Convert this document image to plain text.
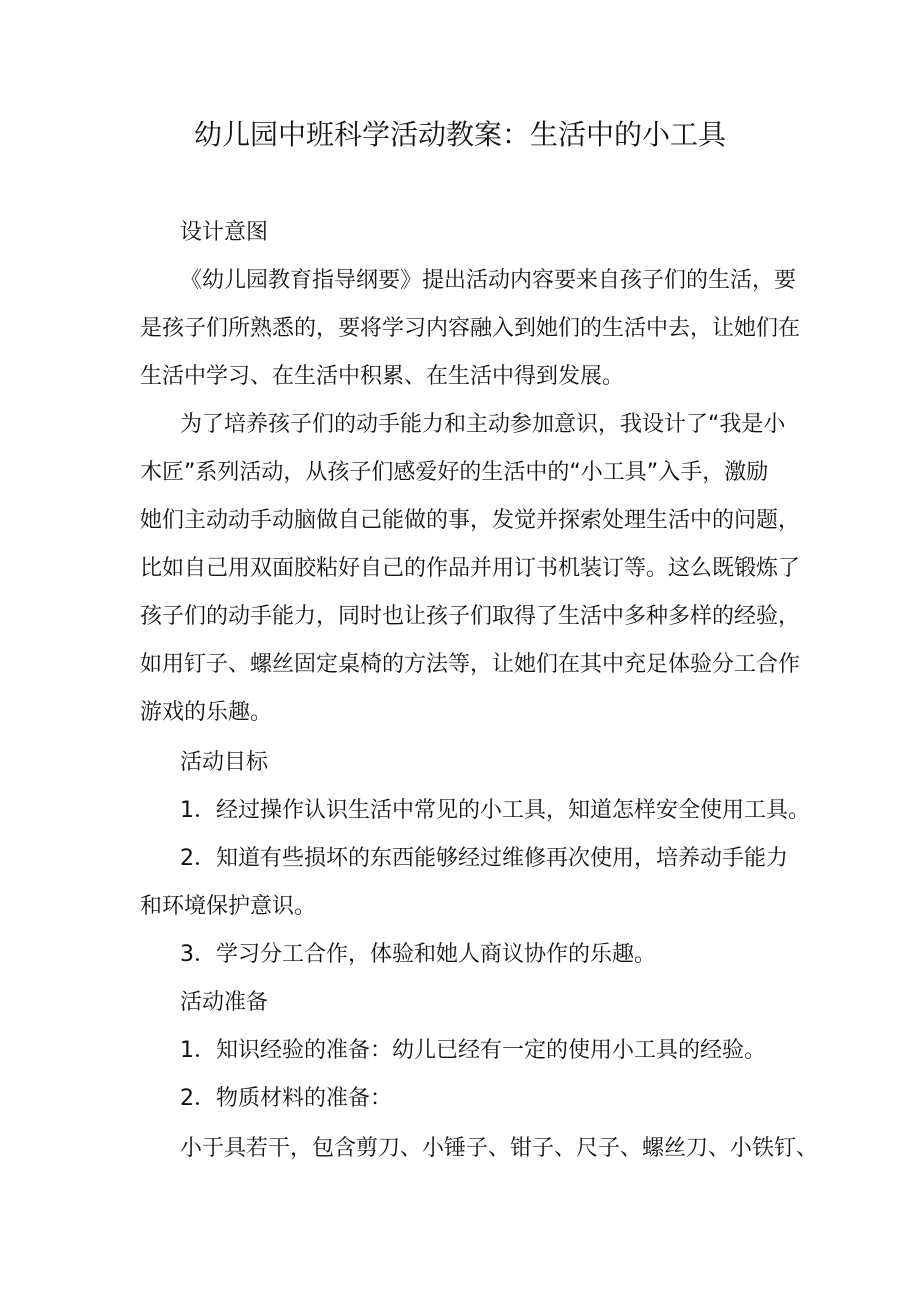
幼儿园中班科学活动教案：生活中的小工具
设计意图
《幼儿园教育指导纲要》提出活动内容要来自孩子们的生活，要
是孩子们所熟悉的，要将学习内容融入到她们的生活中去，让她们在
生活中学习、在生活中积累、在生活中得到发展。
为了培养孩子们的动手能力和主动参加意识，我设计了“我是小
木匠”系列活动，从孩子们感爱好的生活中的“小工具”入手，激励
她们主动动手动脑做自己能做的事，发觉并探索处理生活中的问题，
比如自己用双面胶粘好自己的作品并用订书机装订等。这么既锻炼了
孩子们的动手能力，同时也让孩子们取得了生活中多种多样的经验，
如用钉子、螺丝固定桌椅的方法等，让她们在其中充足体验分工合作
游戏的乐趣。
活动目标
1．经过操作认识生活中常见的小工具，知道怎样安全使用工具。
2．知道有些损坏的东西能够经过维修再次使用，培养动手能力
和环境保护意识。
3．学习分工合作，体验和她人商议协作的乐趣。
活动准备
1．知识经验的准备：幼儿已经有一定的使用小工具的经验。
2．物质材料的准备：
小于具若干，包含剪刀、小锤子、钳子、尺子、螺丝刀、小铁钉、
